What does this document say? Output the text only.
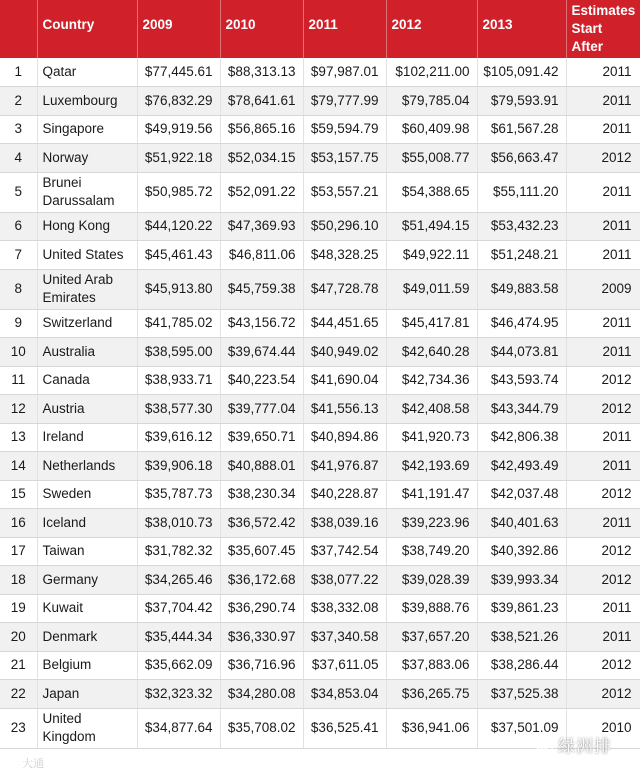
	Country	2009	2010	2011	2012	2013	Estimates Start After
1	Qatar	$77,445.61	$88,313.13	$97,987.01	$102,211.00	$105,091.42	2011
2	Luxembourg	$76,832.29	$78,641.61	$79,777.99	$79,785.04	$79,593.91	2011
3	Singapore	$49,919.56	$56,865.16	$59,594.79	$60,409.98	$61,567.28	2011
4	Norway	$51,922.18	$52,034.15	$53,157.75	$55,008.77	$56,663.47	2012
5	Brunei Darussalam	$50,985.72	$52,091.22	$53,557.21	$54,388.65	$55,111.20	2011
6	Hong Kong	$44,120.22	$47,369.93	$50,296.10	$51,494.15	$53,432.23	2011
7	United States	$45,461.43	$46,811.06	$48,328.25	$49,922.11	$51,248.21	2011
8	United Arab Emirates	$45,913.80	$45,759.38	$47,728.78	$49,011.59	$49,883.58	2009
9	Switzerland	$41,785.02	$43,156.72	$44,451.65	$45,417.81	$46,474.95	2011
10	Australia	$38,595.00	$39,674.44	$40,949.02	$42,640.28	$44,073.81	2011
11	Canada	$38,933.71	$40,223.54	$41,690.04	$42,734.36	$43,593.74	2012
12	Austria	$38,577.30	$39,777.04	$41,556.13	$42,408.58	$43,344.79	2012
13	Ireland	$39,616.12	$39,650.71	$40,894.86	$41,920.73	$42,806.38	2011
14	Netherlands	$39,906.18	$40,888.01	$41,976.87	$42,193.69	$42,493.49	2011
15	Sweden	$35,787.73	$38,230.34	$40,228.87	$41,191.47	$42,037.48	2012
16	Iceland	$38,010.73	$36,572.42	$38,039.16	$39,223.96	$40,401.63	2011
17	Taiwan	$31,782.32	$35,607.45	$37,742.54	$38,749.20	$40,392.86	2012
18	Germany	$34,265.46	$36,172.68	$38,077.22	$39,028.39	$39,993.34	2012
19	Kuwait	$37,704.42	$36,290.74	$38,332.08	$39,888.76	$39,861.23	2011
20	Denmark	$35,444.34	$36,330.97	$37,340.58	$37,657.20	$38,521.26	2011
21	Belgium	$35,662.09	$36,716.96	$37,611.05	$37,883.06	$38,286.44	2012
22	Japan	$32,323.32	$34,280.08	$34,853.04	$36,265.75	$37,525.38	2012
23	United Kingdom	$34,877.64	$35,708.02	$36,525.41	$36,941.06	$37,501.09	2010
大通
绿洲排
